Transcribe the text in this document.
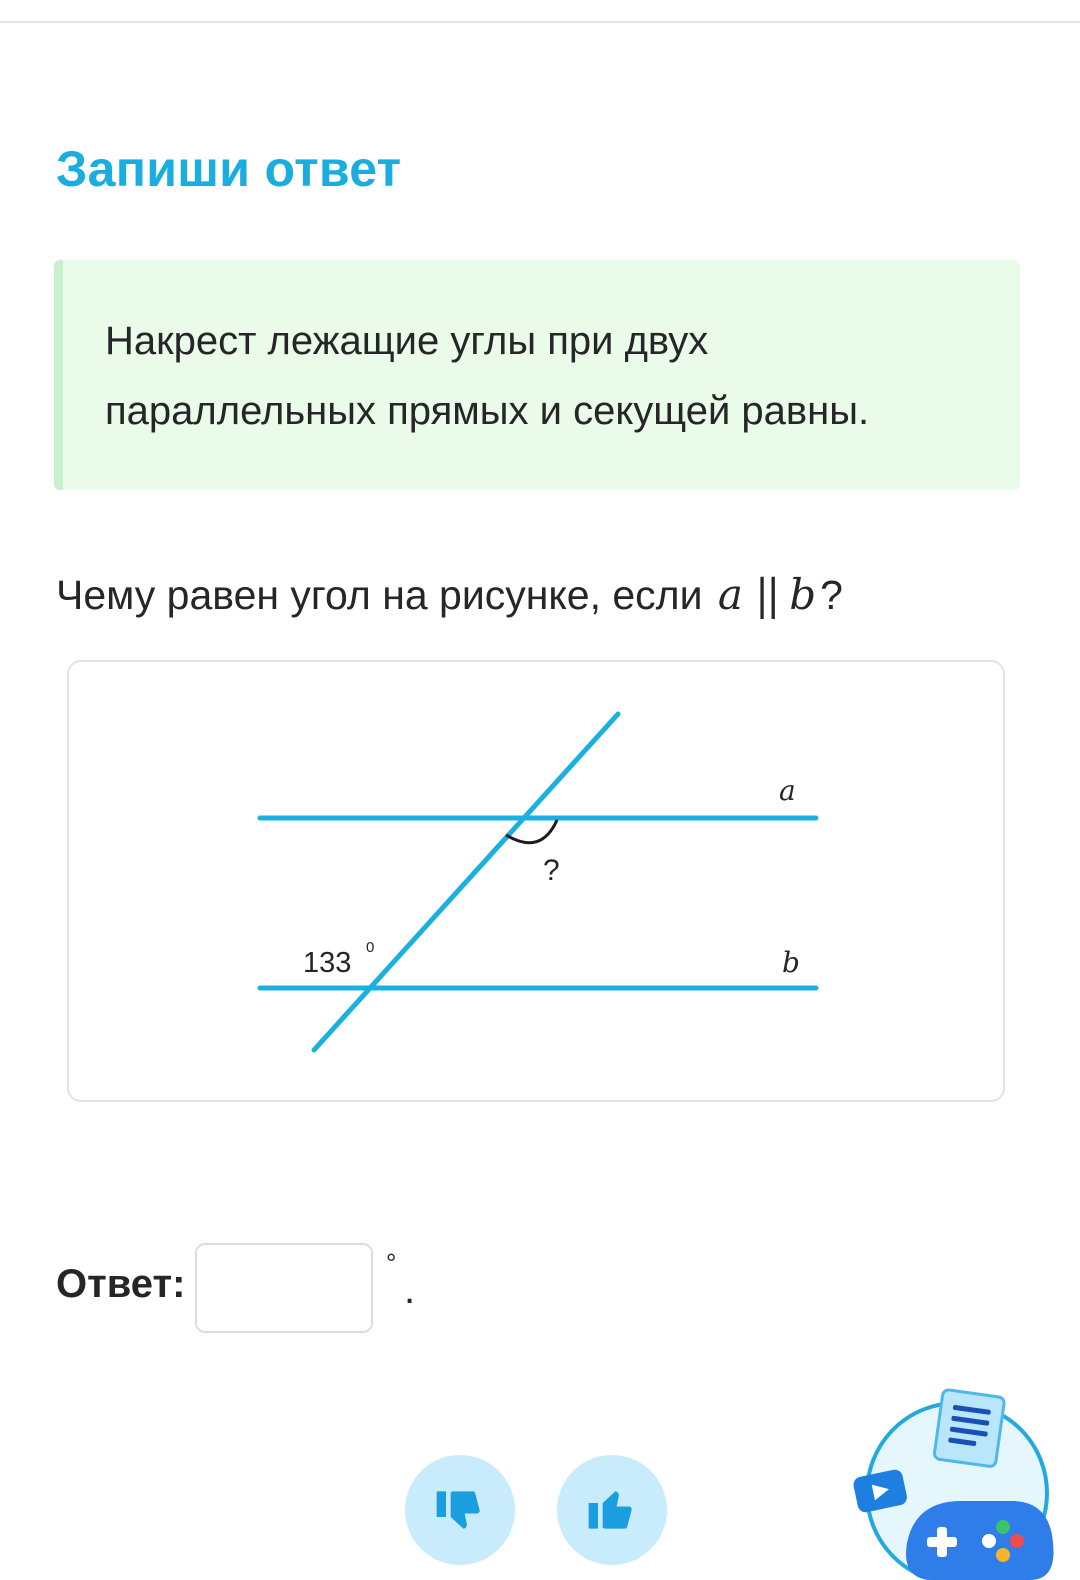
Запиши ответ
Накрест лежащие углы при двух параллельных прямых и секущей равны.
Чему равен угол на рисунке, если a || b?
a
b
?
133 0
Ответ:	°
.
